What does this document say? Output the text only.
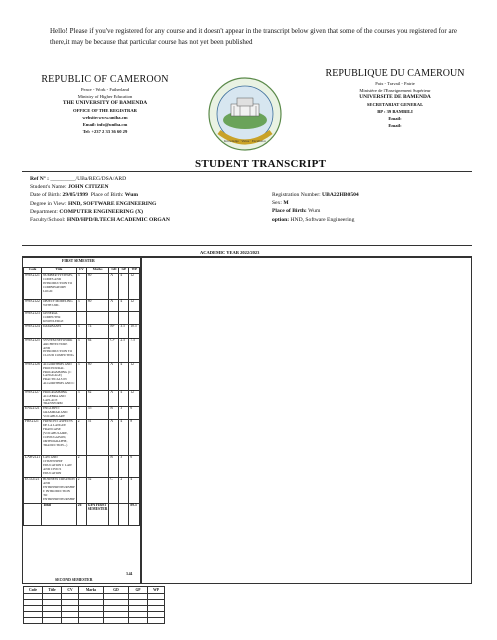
Hello! Please if you've registered for any course and it doesn't appear in the transcript below given that some of the courses you registered for are there,it may be because that particular course has not yet been published
REPUBLIC OF CAMEROON
Peace - Work - Fatherland
Ministry of Higher Education
THE UNIVERSITY OF BAMENDA
OFFICE OF THE REGISTRAR
website:www.uniba.cm
Email: info@uniba.cm
Tel: +237 2 33 36 60 29
Knowledge · Virtue · Excellence
REPUBLIQUE DU CAMEROUN
Paix - Travail - Patrie
Ministère de l'Enseignement Supérieur
UNIVERSITE DE BAMENDA
SECRETARIAT GENERAL
BP : 39 BAMBILI
Email:
Email:
STUDENT TRANSCRIPT
Ref Nº : _________/UBa/REG/DSA/ARD
Student's Name: JOHN CITIZEN
Date of Birth: 29/05/1999 Place of Birth: Wum
Degree in View: HND, SOFTWARE ENGINEERING
Department: COMPUTER ENGINEERING (X)
Faculty/School: HND/HPD/B.TECH ACADEMIC ORGAN
Registration Number: UBA22HB0504
Sex: M
Place of Birth: Wum
option: HND, Software Engineering
ACADEMIC YEAR 2022/2023
FIRST SEMESTER
Code	Title	CV	Marks	GD	GP	WP
SWE2121	NUMBER SYSTEMS, CODES AND INTRODUCTION TO COMBINATORY LOGIC	3	80	A	4	12
SWE2122	OBJECT MODELING WITH UML	3	80	A	4	12
SWE2123	GENERAL COMPUTER KNOWLEDGE					
SWE2124	DATABASES	3	74	B+	3.5	10.5
SWE2125	SYSTEM NETWORK ARCHITECTURE AND INTRODUCTION TO CLOUD COMPUTING	3	64	C+	2.5	7.5
SWE2126	ALGORITHMS AND PROCEDURAL PROGRAMMING (C LANGUAGE) PRACTICALS IN ALGORITHMS AND C	3	80	A	4	12
SWE2127	PROGRAMMING ALGEBRA AND LAPLACE TRANSFORM	3	82	A	4	12
ENG2121	ENGLISH I: GRAMMAR AND VOCABULARY	2	55	B	3	6
FRE2121	FRENCH I: ASPECTS DE LA LANGUE FRANCAISE (VOCABULAIRE, CONJUGAISON, ORTHOGRAPHE, TRADUCTION...)	2	51	A	4	8
LAW2121	LAW AND CITIZENSHIP EDUCATION I: LAW AND CIVICS EDUCATION	2		B	3	6
ECO2121	BUSINESS CREATION AND ENTREPRENEURSHIP I: INTRODUCTION TO ENTREPRENEURSHIP	2	52	C	2	4
	Total	26	GPA FIRST SEMESTER			89.5
SECOND SEMESTER
Code	Title	CV	Marks	GD	GP	WP

3.44
